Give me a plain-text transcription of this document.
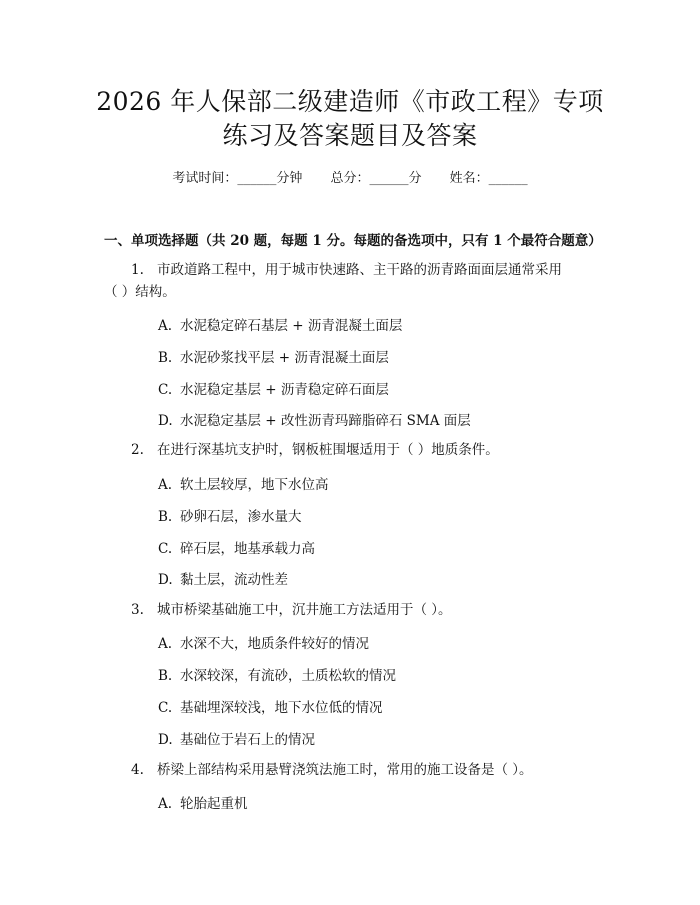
2026 年人保部二级建造师《市政工程》专项
练习及答案题目及答案
考试时间：______分钟 总分：______分 姓名：______
一、单项选择题（共 20 题，每题 1 分。每题的备选项中，只有 1 个最符合题意）
1. 市政道路工程中，用于城市快速路、主干路的沥青路面面层通常采用
（ ）结构。
A. 水泥稳定碎石基层 + 沥青混凝土面层
B. 水泥砂浆找平层 + 沥青混凝土面层
C. 水泥稳定基层 + 沥青稳定碎石面层
D. 水泥稳定基层 + 改性沥青玛蹄脂碎石 SMA 面层
2. 在进行深基坑支护时，钢板桩围堰适用于（ ）地质条件。
A. 软土层较厚，地下水位高
B. 砂卵石层，渗水量大
C. 碎石层，地基承载力高
D. 黏土层，流动性差
3. 城市桥梁基础施工中，沉井施工方法适用于（ ）。
A. 水深不大，地质条件较好的情况
B. 水深较深，有流砂，土质松软的情况
C. 基础埋深较浅，地下水位低的情况
D. 基础位于岩石上的情况
4. 桥梁上部结构采用悬臂浇筑法施工时，常用的施工设备是（ ）。
A. 轮胎起重机
